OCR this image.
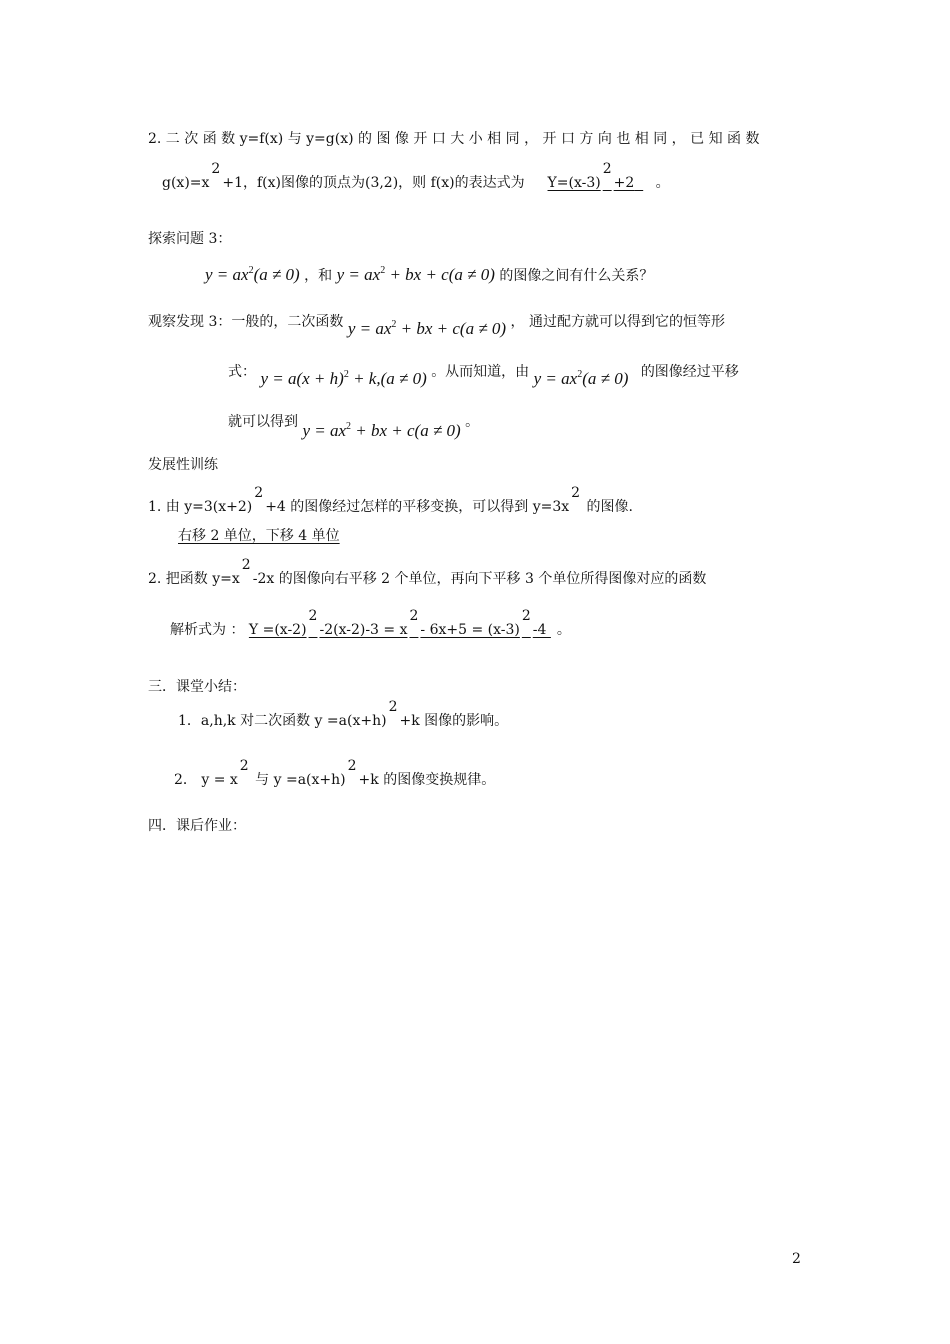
2. 二 次 函 数 y=f(x) 与 y=g(x) 的 图 像 开 口 大 小 相 同 ， 开 口 方 向 也 相 同 ， 已 知 函 数
g(x)=x2+1，f(x)图像的顶点为(3,2)，则 f(x)的表达式为 Y=(x-3)2+2 。
探索问题 3：
$y = ax^2(a \ne 0)$ ，和 $y = ax^2$ + bx + c(a ≠ 0) 的图像之间有什么关系？
观察发现 3：一般的，二次函数 $y = ax^2$ + bx + c(a ≠ 0) ， 通过配方就可以得到它的恒等形
式： $y = a(x + h)^2 + k,(a \ne 0)$ 。从而知道，由 $y = ax^2(a \ne 0)$ 的图像经过平移
就可以得到 $y = ax^2$ + bx + c(a ≠ 0) 。
发展性训练
1. 由 y=3(x+2)2+4 的图像经过怎样的平移变换，可以得到 y=3x2 的图像.
右移 2 单位，下移 4 单位
2. 把函数 y=x2-2x 的图像向右平移 2 个单位，再向下平移 3 个单位所得图像对应的函数
解析式为 ： Y =(x-2)2-2(x-2)-3 = x2- 6x+5 = (x-3)2-4 。
三．课堂小结：
1．a,h,k 对二次函数 y =a(x+h)2+k 图像的影响。
2． y = x2 与 y =a(x+h)2+k 的图像变换规律。
四．课后作业：
2
